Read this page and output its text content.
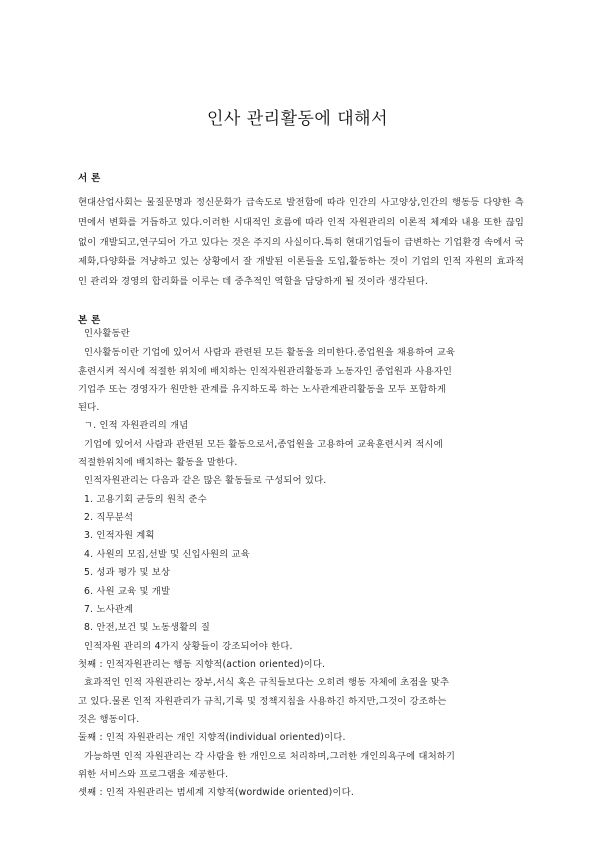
인사 관리활동에 대해서
서론
현대산업사회는 물질문명과 정신문화가 급속도로 발전함에 따라 인간의 사고양상,인간의 행동등 다양한 측면에서 변화를 거듭하고 있다.이러한 시대적인 흐름에 따라 인적 자원관리의 이론적 체계와 내용 또한 끊임없이 개발되고,연구되어 가고 있다는 것은 주지의 사실이다.특히 현대기업들이 급변하는 기업환경 속에서 국제화,다양화를 겨냥하고 있는 상황에서 잘 개발된 이론들을 도입,활동하는 것이 기업의 인적 자원의 효과적인 관리와 경영의 합리화를 이루는 데 중추적인 역할을 담당하게 될 것이라 생각된다.
본론
인사활동란
인사활동이란 기업에 있어서 사람과 관련된 모든 활동을 의미한다.종업원을 채용하여 교육
훈련시켜 적시에 적절한 위치에 배치하는 인적자원관리활동과 노동자인 종업원과 사용자인
기업주 또는 경영자가 원만한 관계를 유지하도록 하는 노사관계관리활동을 모두 포함하게
된다.
ㄱ. 인적 자원관리의 개념
기업에 있어서 사람과 관련된 모든 활동으로서,종업원을 고용하여 교육훈련시켜 적시에
적절한위치에 배치하는 활동을 말한다.
인적자원관리는 다음과 같은 많은 활동들로 구성되어 있다.
1. 고용기회 균등의 원칙 준수
2. 직무분석
3. 인적자원 계획
4. 사원의 모집,선발 및 신입사원의 교육
5. 성과 평가 및 보상
6. 사원 교육 및 개발
7. 노사관계
8. 안전,보건 및 노동생활의 질
인적자원 관리의 4가지 상황들이 강조되어야 한다.
첫째 : 인적자원관리는 행동 지향적(action oriented)이다.
효과적인 인적 자원관리는 장부,서식 혹은 규칙들보다는 오히려 행동 자체에 초점을 맞추
고 있다.물론 인적 자원관리가 규칙,기록 및 정책지침을 사용하긴 하지만,그것이 강조하는
것은 행동이다.
둘째 : 인적 자원관리는 개인 지향적(individual oriented)이다.
가능하면 인적 자원관리는 각 사람을 한 개인으로 처리하며,그러한 개인의욕구에 대처하기
위한 서비스와 프로그램을 제공한다.
셋째 : 인적 자원관리는 범세계 지향적(wordwide oriented)이다.
